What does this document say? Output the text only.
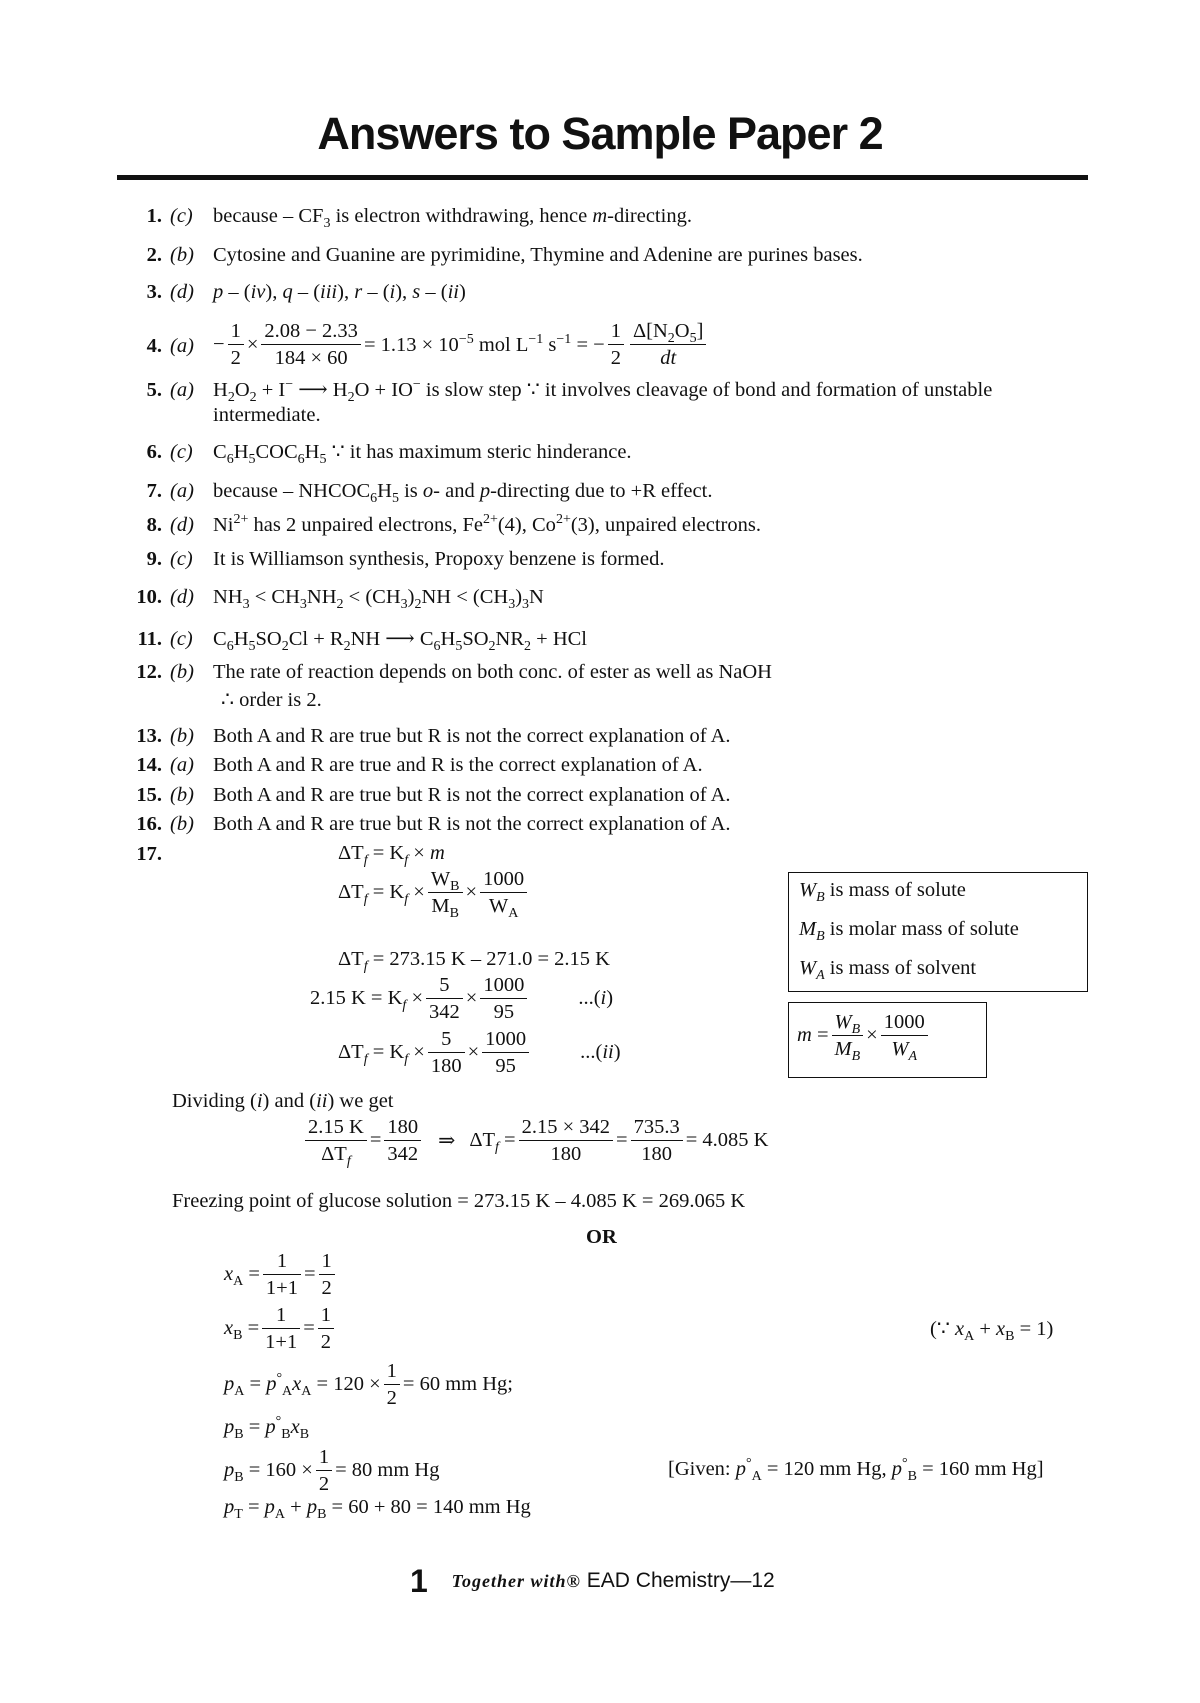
Answers to Sample Paper 2
1. (c) because – $CF_3$ is electron withdrawing, hence m-directing.
2. (b) Cytosine and Guanine are pyrimidine, Thymine and Adenine are purines bases.
3. (d) p – (iv), q – (iii), r – (i), s – (ii)
4. $(a) - \frac{1}{2} \times \frac{2.08 - 2.33}{184 \times 60} = 1.13 \times 10^{-5}$ mol $L^{-1}$ $s^{-1}$ = − $\frac{1}{2} \frac{\Delta[N_2O_5]}{dt}$
5. (a) $H_2O_2 + I^-$ ⟶ $H_2O + IO^-$ is slow step ∵ it involves cleavage of bond and formation of unstable
intermediate.
6. (c) $C_6H_5COC_6H_5$ ∵ it has maximum steric hinderance.
7. (a) because – $NHCOC_6H_5$ is o- and p-directing due to +R effect.
8. (d) $Ni^{2+}$ has 2 unpaired electrons, $Fe^{2+}(4)$, $Co^{2+}(3)$, unpaired electrons.
9. (c) It is Williamson synthesis, Propoxy benzene is formed.
10. (d) $NH_3 < CH_3NH_2 < (CH_3)_2NH < (CH_3)_3N$
11. (c) $C_6H_5SO_2Cl + R_2NH$ ⟶ $C_6H_5SO_2NR_2$ + HCl
12. (b) The rate of reaction depends on both conc. of ester as well as NaOH
∴ order is 2.
13. (b) Both A and R are true but R is not the correct explanation of A.
14. (a) Both A and R are true and R is the correct explanation of A.
15. (b) Both A and R are true but R is not the correct explanation of A.
16. (b) Both A and R are true but R is not the correct explanation of A.
17.	$\Delta T_f = K_f \times m$
$\Delta T_f = K_f \times \frac{W_B}{M_B} \times \frac{1000}{W_A}$
$\Delta T_f = 273.15$ K – 271.0 = 2.15 K
2.15 $K = K_f \times \frac{5}{342} \times \frac{1000}{95} ...(i)$
$\Delta T_f = K_f \times \frac{5}{180} \times \frac{1000}{95} ...(ii)$
$W_B$ is mass of solute
$M_B$ is molar mass of solute
$W_A$ is mass of solvent
$m = \frac{W_B}{M_B} \times \frac{1000}{W_A}$
Dividing (i) and (ii) we get
$\frac{2.15 K}{\Delta T_f} = \frac{180}{342}$ ⇒ $\Delta T_f = \frac{2.15 \times 342}{180} = \frac{735.3}{180} = 4.085$ K
Freezing point of glucose solution = 273.15 K – 4.085 K = 269.065 K
OR
$x_A = \frac{1}{1+1} = \frac{1}{2}$
$x_B = \frac{1}{1+1} = \frac{1}{2}$	(∵ $x_A + x_B = 1$)
$p_A = p^\circ_Ax_A = 120 \times \frac{1}{2} = 60$ mm Hg;
$p_B = p^\circ_Bx_B$
$p_B = 160 \times \frac{1}{2} = 80$ mm Hg	[Given: $p^\circ_A = 120$ mm Hg, $p^\circ_B = 160$ mm Hg]
$p_T = p_A + p_B = 60 + 80 = 140$ mm Hg
1 Together with® EAD Chemistry—12
